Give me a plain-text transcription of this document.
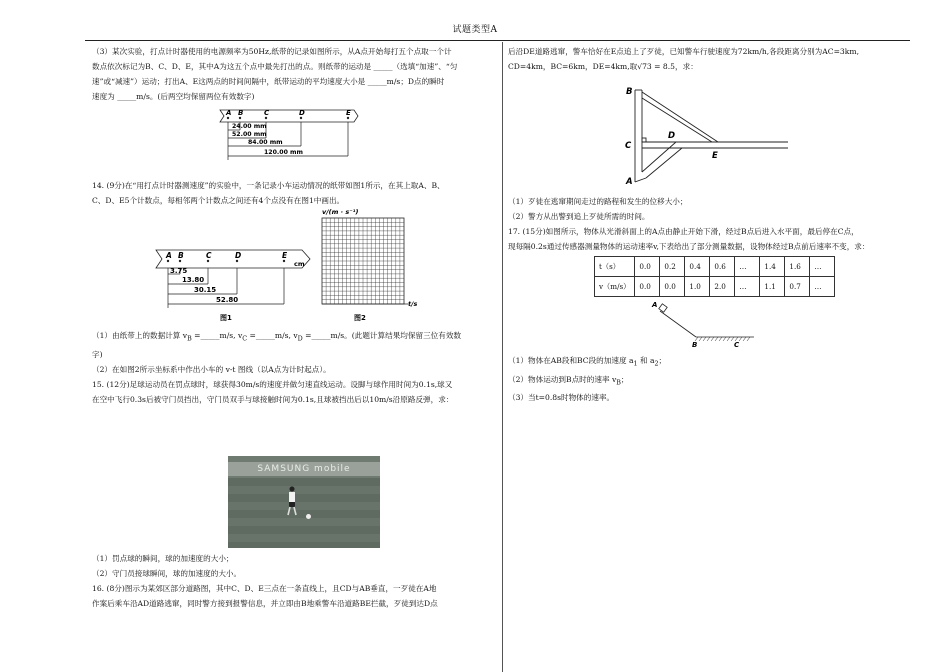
试题类型A

（3）某次实验，打点计时器使用的电源频率为50Hz,纸带的记录如图所示，从A点开始每打五个点取一个计

数点依次标记为B、C、D、E，其中A为这五个点中最先打出的点。则纸带的运动是 _____（选填“加速”、“匀

速”或“减速”）运动；打出A、E这两点的时间间隔中，纸带运动的平均速度大小是 _____m/s；D点的瞬时

速度为 _____m/s。(后两空均保留两位有效数字)

A B	C	D	E
24.00 mm
52.00 mm
84.00 mm
120.00 mm

14. (9分)在“用打点计时器测速度”的实验中，一条记录小车运动情况的纸带如图1所示，在其上取A、B、

C、D、E5个计数点，每相邻两个计数点之间还有4个点没有在图1中画出。

A B	C	D	E
cm
3.75
13.80
30.15
52.80
图1
v/(m · s⁻¹)
t/s
图2

（1）由纸带上的数据计算 $v_B$ =_____m/s, $v_C$ =_____m/s, $v_D$ =_____m/s。(此题计算结果均保留三位有效数

字)

（2）在如图2所示坐标系中作出小车的 v-t 图线（以A点为计时起点）。

15. (12分)足球运动员在罚点球时，球获得30m/s的速度并做匀速直线运动。设脚与球作用时间为0.1s,球又

在空中飞行0.3s后被守门员挡出，守门员双手与球接触时间为0.1s,且球被挡出后以10m/s沿原路反弹，求：

SAMSUNG mobile

（1）罚点球的瞬间，球的加速度的大小；

（2）守门员接球瞬间，球的加速度的大小。

16. (8分)图示为某郊区部分道路图，其中C、D、E三点在一条直线上，且CD与AB垂直，一歹徒在A地

作案后乘车沿AD道路逃窜，同时警方接到报警信息，并立即由B地乘警车沿道路BE拦截，歹徒到达D点

后沿DE道路逃窜，警车恰好在E点追上了歹徒，已知警车行驶速度为72km/h,各段距离分别为AC=3km,

CD=4km，BC=6km，DE=4km,取√73 = 8.5，求：

B
C
D
E
A

（1）歹徒在逃窜期间走过的路程和发生的位移大小；

（2）警方从出警到追上歹徒所需的时间。

17. (15分)如图所示，物体从光滑斜面上的A点由静止开始下滑，经过B点后进入水平面，最后停在C点，

现每隔0.2s通过传感器测量物体的运动速率v,下表给出了部分测量数据，设物体经过B点前后速率不变，求：

t（s）	0.0	0.2	0.4	0.6	…	1.4	1.6	…
v（m/s）	0.0	0.0	1.0	2.0	…	1.1	0.7	…
A
B	C

（1）物体在AB段和BC段的加速度 $a_1$ 和 $a_2$；

（2）物体运动到B点时的速率 $v_B$；

（3）当t=0.8s时物体的速率。
